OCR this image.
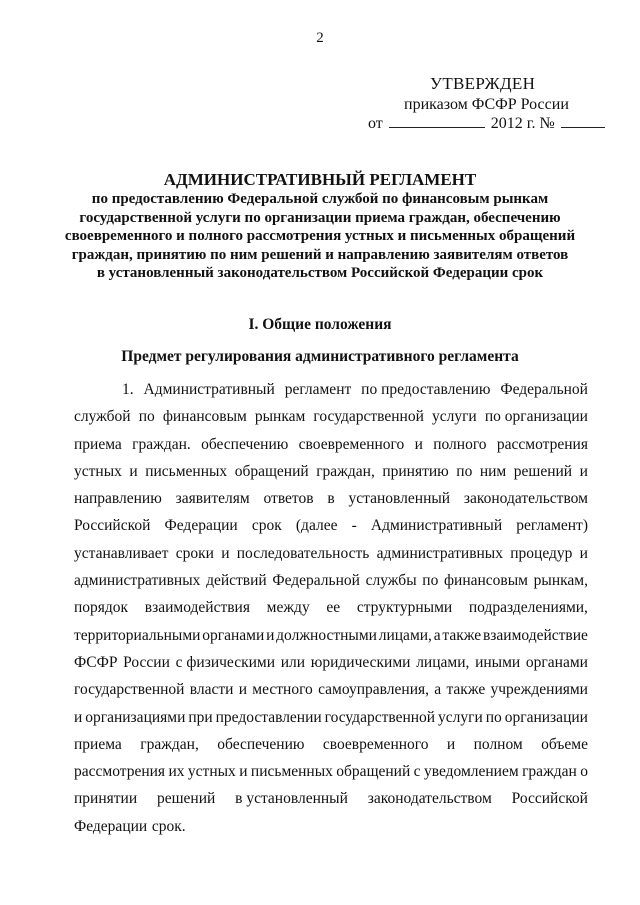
2
УТВЕРЖДЕН
приказом ФСФР России
от	2012 г. №
АДМИНИСТРАТИВНЫЙ РЕГЛАМЕНТ
по предоставлению Федеральной службой по финансовым рынкам
государственной услуги по организации приема граждан, обеспечению
своевременного и полного рассмотрения устных и письменных обращений
граждан, принятию по ним решений и направлению заявителям ответов
в установленный законодательством Российской Федерации срок
I. Общие положения
Предмет регулирования административного регламента
1. Административный регламент по предоставлению Федеральной
службой по финансовым рынкам государственной услуги по организации
приема граждан. обеспечению своевременного и полного рассмотрения
устных и письменных обращений граждан, принятию по ним решений и
направлению заявителям ответов в установленный законодательством
Российской Федерации срок (далее - Административный регламент)
устанавливает сроки и последовательность административных процедур и
административных действий Федеральной службы по финансовым рынкам,
порядок взаимодействия между ее структурными подразделениями,
территориальными органами и должностными лицами, а также взаимодействие
ФСФР России с физическими или юридическими лицами, иными органами
государственной власти и местного самоуправления, а также учреждениями
и организациями при предоставлении государственной услуги по организации
приема граждан, обеспечению своевременного и полном объеме
рассмотрения их устных и письменных обращений с уведомлением граждан о
принятии решений в установленный законодательством Российской
Федерации срок.
